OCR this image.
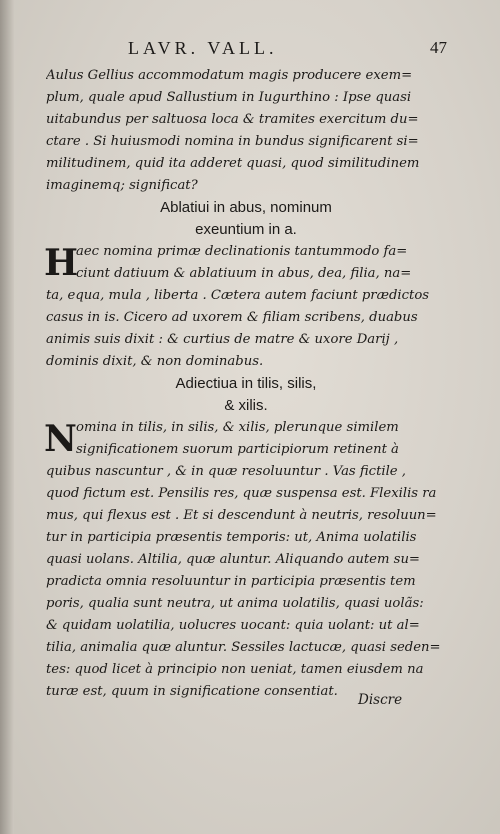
LAVR. VALL.	47
Aulus Gellius accommodatum magis producere exem=
plum, quale apud Sallustium in Iugurthino : Ipse quasi
uitabundus per saltuosa loca & tramites exercitum du=
ctare . Si huiusmodi nomina in bundus significarent si=
militudinem, quid ita adderet quasi, quod similitudinem
imaginemq; significat?
Ablatiui in abus, nominum
exeuntium in a.
H
aec nomina primæ declinationis tantummodo fa=
ciunt datiuum & ablatiuum in abus, dea, filia, na=
ta, equa, mula , liberta . Cætera autem faciunt prædictos
casus in is. Cicero ad uxorem & filiam scribens, duabus
animis suis dixit : & curtius de matre & uxore Darij ,
dominis dixit, & non dominabus.
Adiectiua in tilis, silis,
& xilis.
N omina in tilis, in silis, & xilis, plerunque similem
significationem suorum participiorum retinent à
quibus nascuntur , & in quæ resoluuntur . Vas fictile ,
quod fictum est. Pensilis res, quæ suspensa est. Flexilis ra
mus, qui flexus est . Et si descendunt à neutris, resoluun=
tur in participia præsentis temporis: ut, Anima uolatilis
quasi uolans. Altilia, quæ aluntur. Aliquando autem su=
pradicta omnia resoluuntur in participia præsentis tem
poris, qualia sunt neutra, ut anima uolatilis, quasi uolãs:
& quidam uolatilia, uolucres uocant: quia uolant: ut al=
tilia, animalia quæ aluntur. Sessiles lactucæ, quasi seden=
tes: quod licet à principio non ueniat, tamen eiusdem na
turæ est, quum in significatione consentiat.
Discre
